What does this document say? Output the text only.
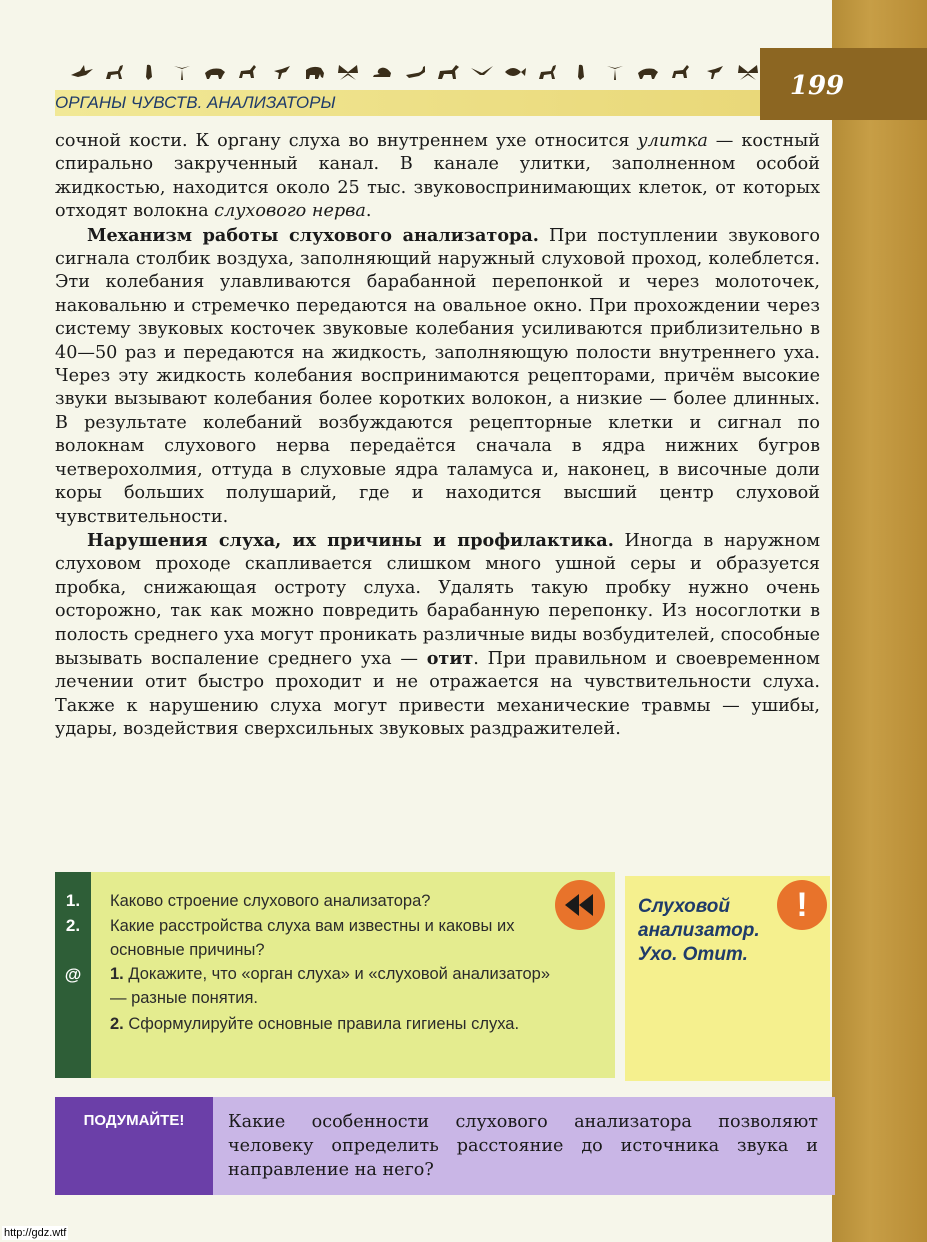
199
ОРГАНЫ ЧУВСТВ. АНАЛИЗАТОРЫ

сочной кости. К органу слуха во внутреннем ухе относится улитка — костный спирально закрученный канал. В канале улитки, заполненном особой жидкостью, находится около 25 тыс. звуковоспринимающих клеток, от которых отходят волокна слухового нерва.

Механизм работы слухового анализатора. При поступлении звукового сигнала столбик воздуха, заполняющий наружный слуховой проход, колеблется. Эти колебания улавливаются барабанной перепонкой и через молоточек, наковальню и стремечко передаются на овальное окно. При прохождении через систему звуковых косточек звуковые колебания усиливаются приблизительно в 40—50 раз и передаются на жидкость, заполняющую полости внутреннего уха. Через эту жидкость колебания воспринимаются рецепторами, причём высокие звуки вызывают колебания более коротких волокон, а низкие — более длинных. В результате колебаний возбуждаются рецепторные клетки и сигнал по волокнам слухового нерва передаётся сначала в ядра нижних бугров четверохолмия, оттуда в слуховые ядра таламуса и, наконец, в височные доли коры больших полушарий, где и находится высший центр слуховой чувствительности.

Нарушения слуха, их причины и профилактика. Иногда в наружном слуховом проходе скапливается слишком много ушной серы и образуется пробка, снижающая остроту слуха. Удалять такую пробку нужно очень осторожно, так как можно повредить барабанную перепонку. Из носоглотки в полость среднего уха могут проникать различные виды возбудителей, способные вызывать воспаление среднего уха — отит. При правильном и своевременном лечении отит быстро проходит и не отражается на чувствительности слуха. Также к нарушению слуха могут привести механические травмы — ушибы, удары, воздействия сверхсильных звуковых раздражителей.

1.
2.
@
Каково строение слухового анализатора?
Какие расстройства слуха вам известны и каковы их основные причины?
1. Докажите, что «орган слуха» и «слуховой анализатор» — разные понятия.
2. Сформулируйте основные правила гигиены слуха.
Слуховой анализатор. Ухо. Отит.
!
ПОДУМАЙТЕ!	Какие особенности слухового анализатора позволяют человеку определить расстояние до источника звука и направление на него?
http://gdz.wtf
